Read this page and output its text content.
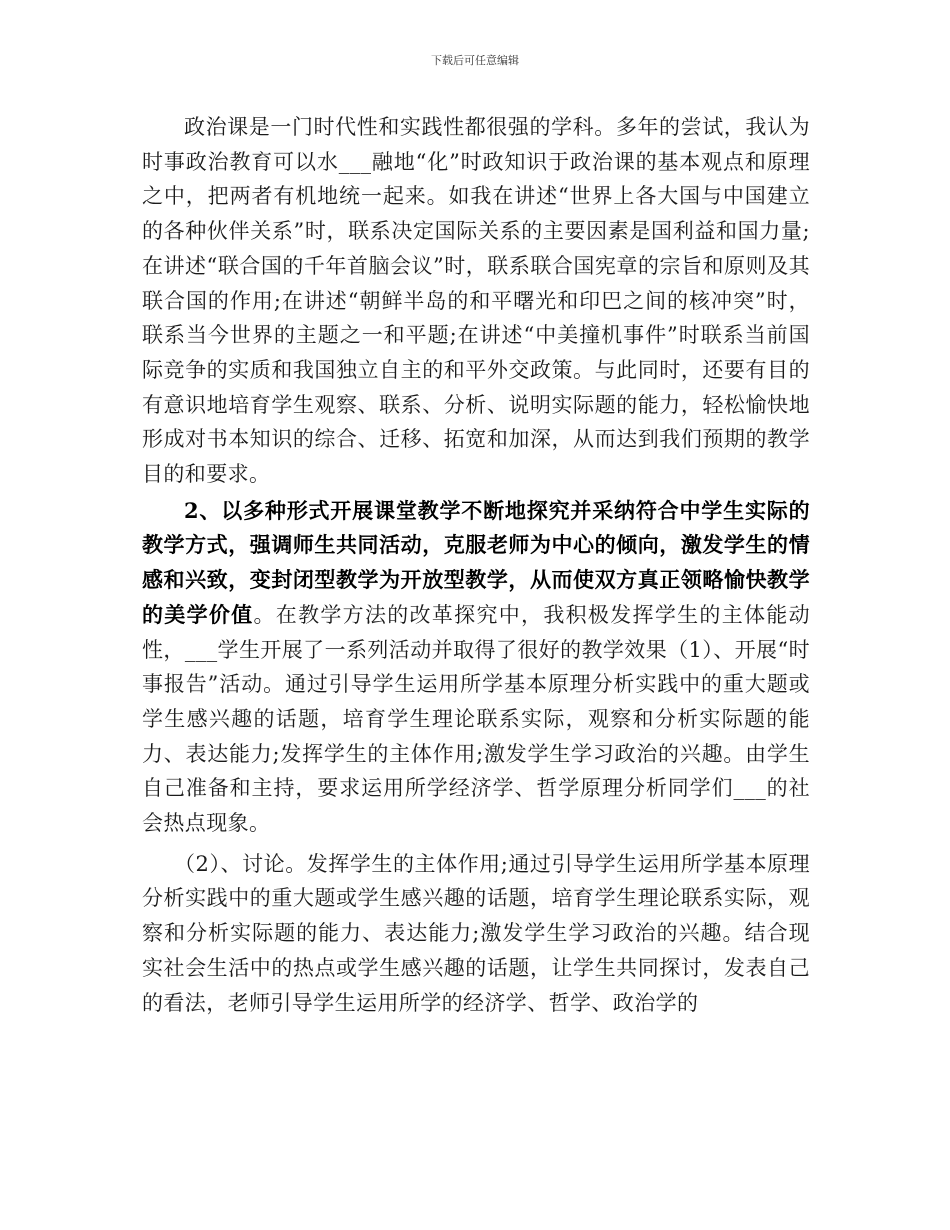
下载后可任意编辑

政治课是一门时代性和实践性都很强的学科。多年的尝试，我认为时事政治教育可以水___融地“化”时政知识于政治课的基本观点和原理之中，把两者有机地统一起来。如我在讲述“世界上各大国与中国建立的各种伙伴关系”时，联系决定国际关系的主要因素是国利益和国力量;在讲述“联合国的千年首脑会议”时，联系联合国宪章的宗旨和原则及其联合国的作用;在讲述“朝鲜半岛的和平曙光和印巴之间的核冲突”时，联系当今世界的主题之一和平题;在讲述“中美撞机事件”时联系当前国际竞争的实质和我国独立自主的和平外交政策。与此同时，还要有目的有意识地培育学生观察、联系、分析、说明实际题的能力，轻松愉快地形成对书本知识的综合、迁移、拓宽和加深，从而达到我们预期的教学目的和要求。

2、以多种形式开展课堂教学不断地探究并采纳符合中学生实际的教学方式，强调师生共同活动，克服老师为中心的倾向，激发学生的情感和兴致，变封闭型教学为开放型教学，从而使双方真正领略愉快教学的美学价值。在教学方法的改革探究中，我积极发挥学生的主体能动性，___学生开展了一系列活动并取得了很好的教学效果（1）、开展“时事报告”活动。通过引导学生运用所学基本原理分析实践中的重大题或学生感兴趣的话题，培育学生理论联系实际，观察和分析实际题的能力、表达能力;发挥学生的主体作用;激发学生学习政治的兴趣。由学生自己准备和主持，要求运用所学经济学、哲学原理分析同学们___的社会热点现象。

（2）、讨论。发挥学生的主体作用;通过引导学生运用所学基本原理分析实践中的重大题或学生感兴趣的话题，培育学生理论联系实际，观察和分析实际题的能力、表达能力;激发学生学习政治的兴趣。结合现实社会生活中的热点或学生感兴趣的话题，让学生共同探讨，发表自己的看法，老师引导学生运用所学的经济学、哲学、政治学的
